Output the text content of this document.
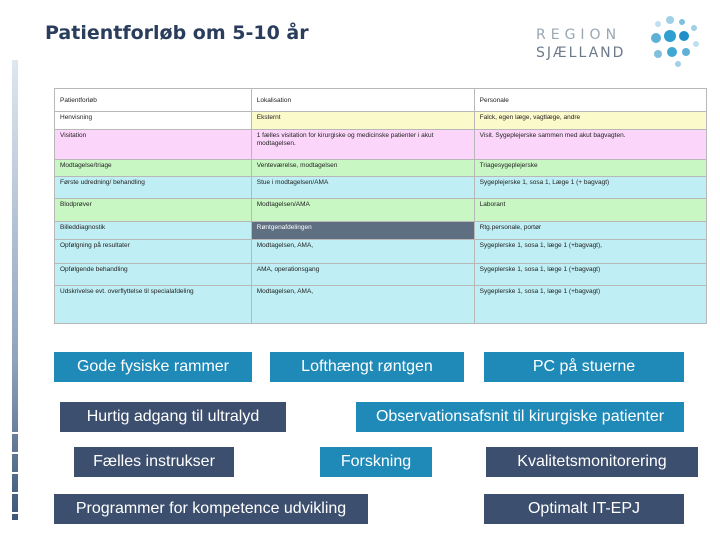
Patientforløb om 5-10 år	REGION
SJÆLLAND
Patientforløb	Lokalisation	Personale
Henvisning	Eksternt	Falck, egen læge, vagtlæge, andre
Visitation	1 fælles visitation for kirurgiske og medicinske patienter i akut modtagelsen.	Visit. Sygeplejerske sammen med akut bagvagten.
Modtagelse/triage	Venteværelse, modtagelsen	Triagesygeplejerske
Første udredning/ behandling	Stue i modtagelsen/AMA	Sygeplejerske 1, sosa 1, Læge 1 (+ bagvagt)
Blodprøver	Modtagelsen/AMA	Laborant
Billeddiagnostik	Røntgenafdelingen	Rtg.personale, portør
Opfølgning på resultater	Modtagelsen, AMA,	Sygeplerske 1, sosa 1, læge 1 (+bagvagt),
Opfølgende behandling	AMA, operationsgang	Sygeplerske 1, sosa 1, læge 1 (+bagvagt)
Udskrivelse evt. overflyttelse til specialafdeling	Modtagelsen, AMA,	Sygeplerske 1, sosa 1, læge 1 (+bagvagt)
Gode fysiske rammer	Lofthængt røntgen	PC på stuerne
Hurtig adgang til ultralyd	Observationsafsnit til kirurgiske patienter
Fælles instrukser	Forskning	Kvalitetsmonitorering
Programmer for kompetence udvikling	Optimalt IT-EPJ
